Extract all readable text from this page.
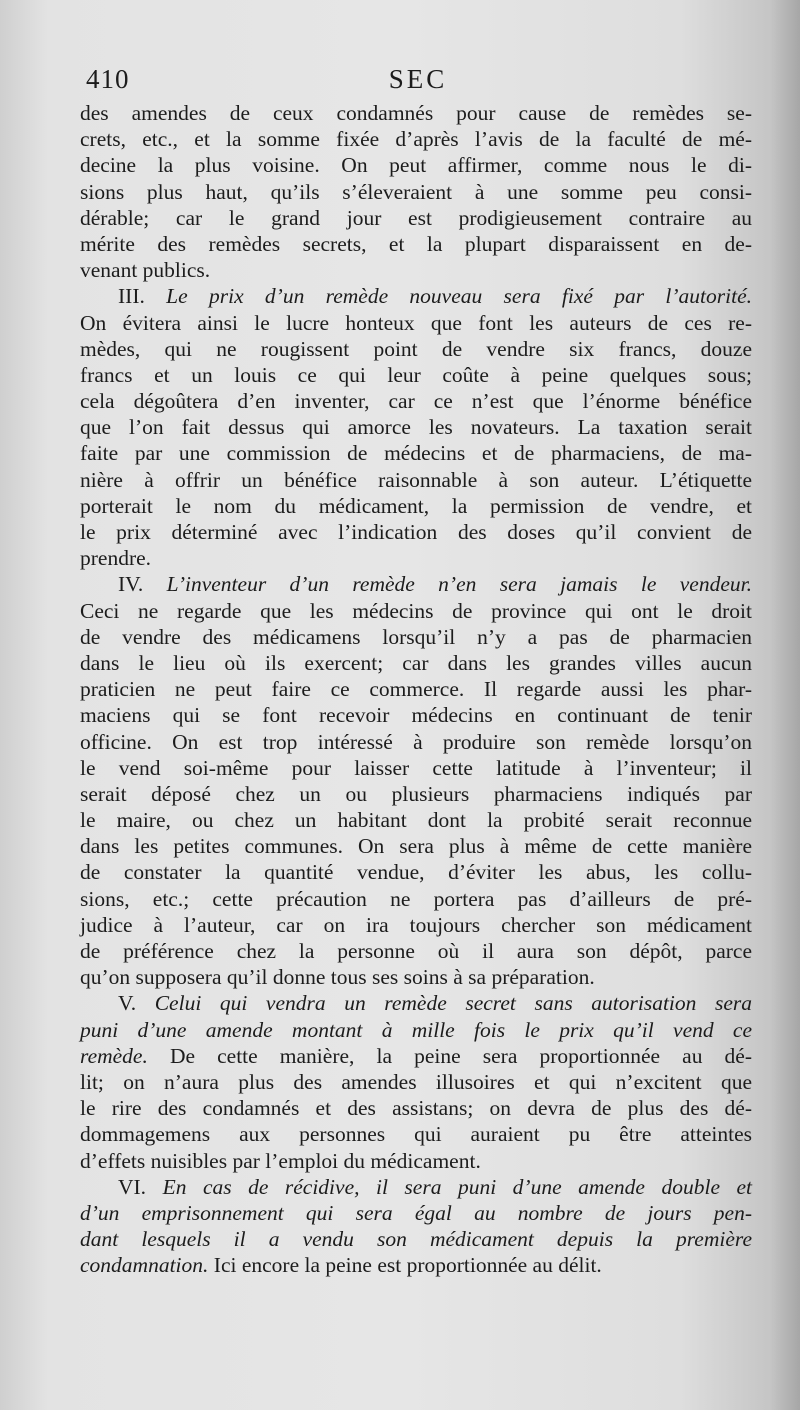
410	SEC
des amendes de ceux condamnés pour cause de remèdes se-
crets, etc., et la somme fixée d’après l’avis de la faculté de mé-
decine la plus voisine. On peut affirmer, comme nous le di-
sions plus haut, qu’ils s’éleveraient à une somme peu consi-
dérable; car le grand jour est prodigieusement contraire au
mérite des remèdes secrets, et la plupart disparaissent en de-
venant publics.
III. Le prix d’un remède nouveau sera fixé par l’autorité.
On évitera ainsi le lucre honteux que font les auteurs de ces re-
mèdes, qui ne rougissent point de vendre six francs, douze
francs et un louis ce qui leur coûte à peine quelques sous;
cela dégoûtera d’en inventer, car ce n’est que l’énorme bénéfice
que l’on fait dessus qui amorce les novateurs. La taxation serait
faite par une commission de médecins et de pharmaciens, de ma-
nière à offrir un bénéfice raisonnable à son auteur. L’étiquette
porterait le nom du médicament, la permission de vendre, et
le prix déterminé avec l’indication des doses qu’il convient de
prendre.
IV. L’inventeur d’un remède n’en sera jamais le vendeur.
Ceci ne regarde que les médecins de province qui ont le droit
de vendre des médicamens lorsqu’il n’y a pas de pharmacien
dans le lieu où ils exercent; car dans les grandes villes aucun
praticien ne peut faire ce commerce. Il regarde aussi les phar-
maciens qui se font recevoir médecins en continuant de tenir
officine. On est trop intéressé à produire son remède lorsqu’on
le vend soi-même pour laisser cette latitude à l’inventeur; il
serait déposé chez un ou plusieurs pharmaciens indiqués par
le maire, ou chez un habitant dont la probité serait reconnue
dans les petites communes. On sera plus à même de cette manière
de constater la quantité vendue, d’éviter les abus, les collu-
sions, etc.; cette précaution ne portera pas d’ailleurs de pré-
judice à l’auteur, car on ira toujours chercher son médicament
de préférence chez la personne où il aura son dépôt, parce
qu’on supposera qu’il donne tous ses soins à sa préparation.
V. Celui qui vendra un remède secret sans autorisation sera
puni d’une amende montant à mille fois le prix qu’il vend ce
remède. De cette manière, la peine sera proportionnée au dé-
lit; on n’aura plus des amendes illusoires et qui n’excitent que
le rire des condamnés et des assistans; on devra de plus des dé-
dommagemens aux personnes qui auraient pu être atteintes
d’effets nuisibles par l’emploi du médicament.
VI. En cas de récidive, il sera puni d’une amende double et
d’un emprisonnement qui sera égal au nombre de jours pen-
dant lesquels il a vendu son médicament depuis la première
condamnation. Ici encore la peine est proportionnée au délit.
